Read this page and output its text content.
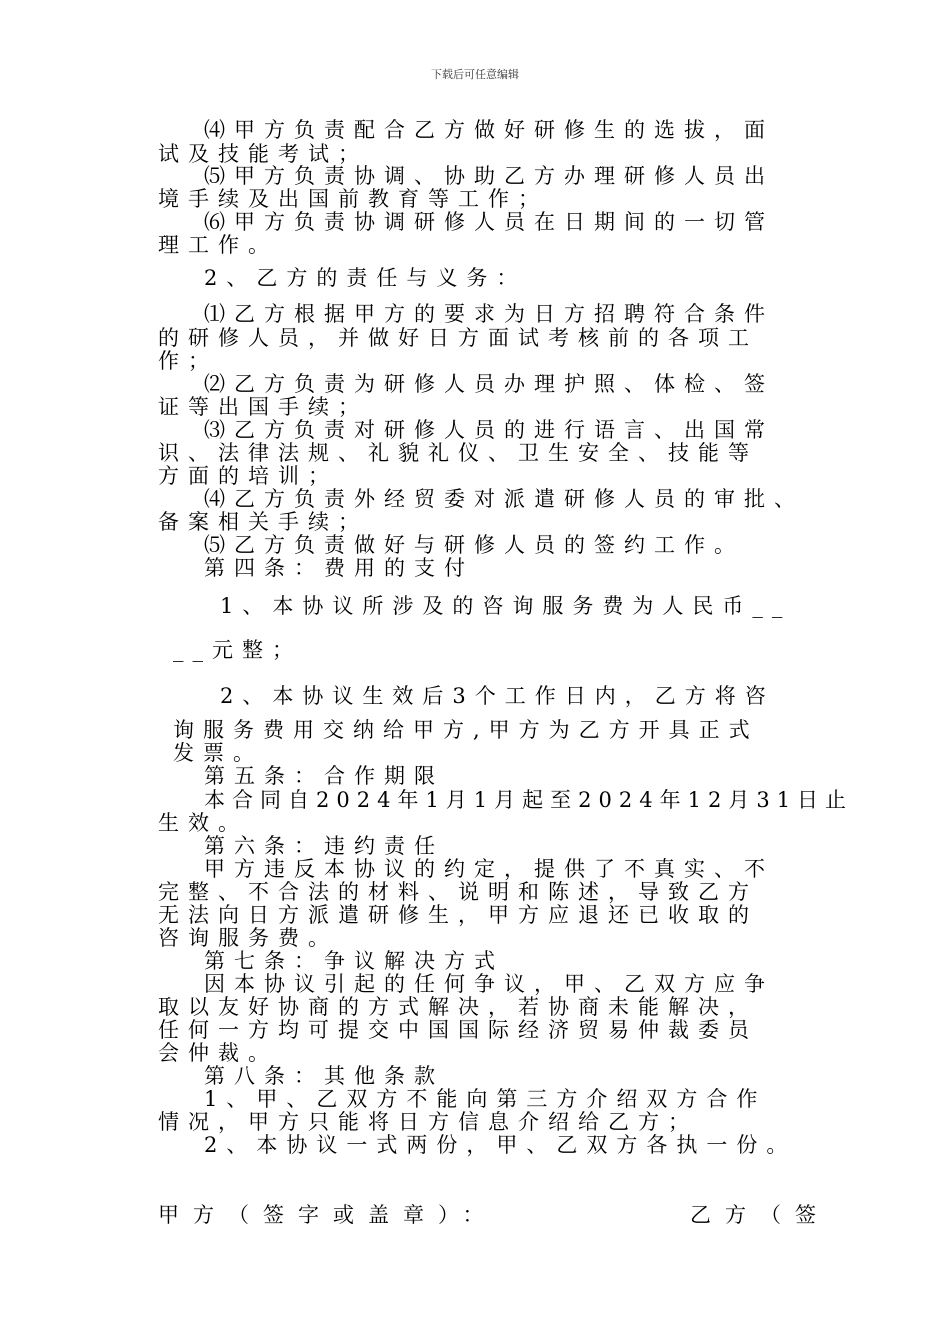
下载后可任意编辑
⑷甲方负责配合乙方做好研修生的选拔，面
试及技能考试；
⑸甲方负责协调、协助乙方办理研修人员出
境手续及出国前教育等工作；
⑹甲方负责协调研修人员在日期间的一切管
理工作。
2、乙方的责任与义务：
⑴乙方根据甲方的要求为日方招聘符合条件
的研修人员，并做好日方面试考核前的各项工
作；
⑵乙方负责为研修人员办理护照、体检、签
证等出国手续；
⑶乙方负责对研修人员的进行语言、出国常
识、法律法规、礼貌礼仪、卫生安全、技能等
方面的培训；
⑷乙方负责外经贸委对派遣研修人员的审批、
备案相关手续；
⑸乙方负责做好与研修人员的签约工作。
第四条：费用的支付
1、本协议所涉及的咨询服务费为人民币__
__元整；
2、本协议生效后3个工作日内，乙方将咨
询服务费用交纳给甲方,甲方为乙方开具正式
发票。
第五条：合作期限
本合同自2024年1月1月起至2024年12月31日止
生效。
第六条：违约责任
甲方违反本协议的约定，提供了不真实、不
完整、不合法的材料、说明和陈述，导致乙方
无法向日方派遣研修生，甲方应退还已收取的
咨询服务费。
第七条：争议解决方式
因本协议引起的任何争议，甲、乙双方应争
取以友好协商的方式解决，若协商未能解决，
任何一方均可提交中国国际经济贸易仲裁委员
会仲裁。
第八条：其他条款
1、甲、乙双方不能向第三方介绍双方合作
情况，甲方只能将日方信息介绍给乙方；
2、本协议一式两份，甲、乙双方各执一份。
甲方（签字或盖章）：	乙方（签
